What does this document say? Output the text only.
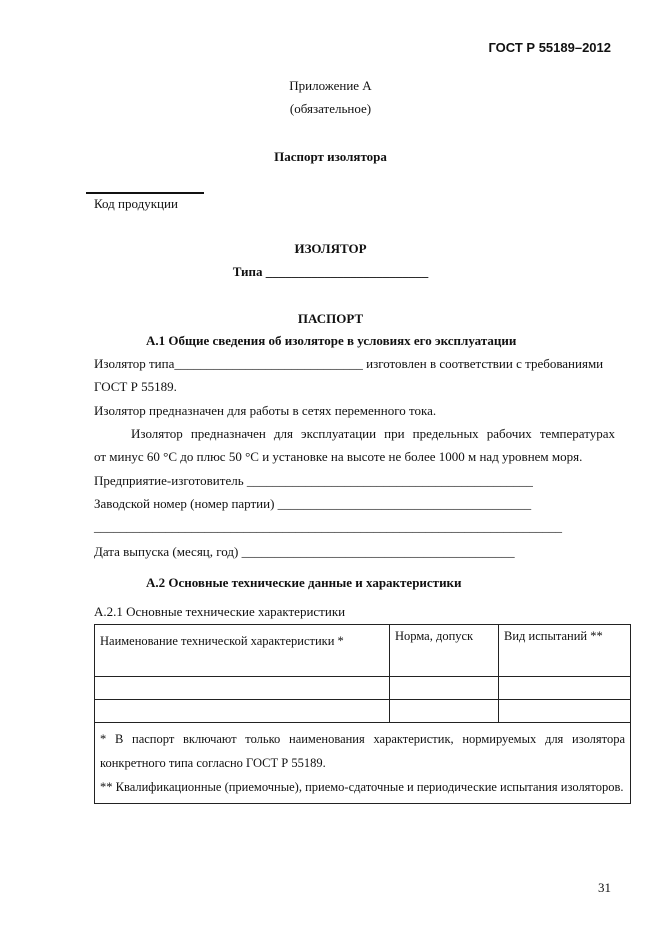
ГОСТ Р 55189–2012
Приложение А
(обязательное)
Паспорт изолятора
Код продукции
ИЗОЛЯТОР
Типа _________________________
ПАСПОРТ
А.1 Общие сведения об изоляторе в условиях его эксплуатации
Изолятор типа_____________________________ изготовлен в соответствии с требованиями
ГОСТ Р 55189.
Изолятор предназначен для работы в сетях переменного тока.
Изолятор предназначен для эксплуатации при предельных рабочих температурах
от минус 60 °С до плюс 50 °С и установке на высоте не более 1000 м над уровнем моря.
Предприятие-изготовитель ____________________________________________
Заводской номер (номер партии) _______________________________________
________________________________________________________________________
Дата выпуска (месяц, год) __________________________________________
А.2 Основные технические данные и характеристики
А.2.1 Основные технические характеристики
Наименование технической характеристики *	Норма, допуск	Вид испытаний **

* В паспорт включают только наименования характеристик, нормируемых для изолятора конкретного типа согласно ГОСТ Р 55189.
** Квалификационные (приемочные), приемо-сдаточные и периодические испытания изоляторов.		
31
